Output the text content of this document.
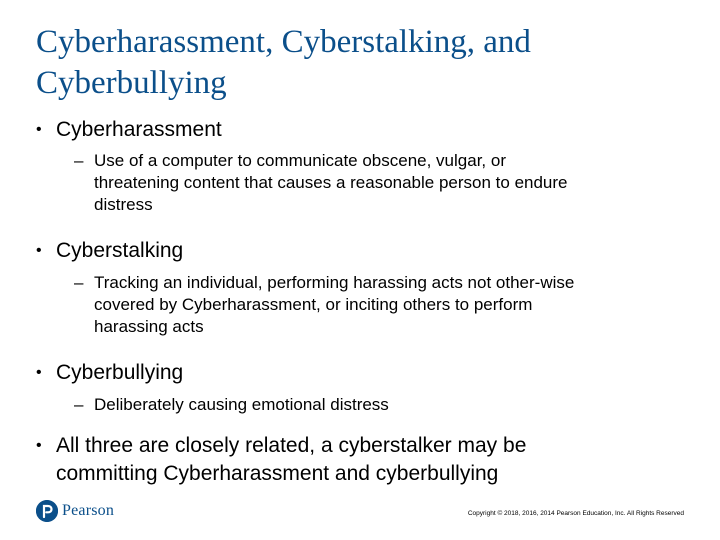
Cyberharassment, Cyberstalking, and
Cyberbullying
• Cyberharassment
– Use of a computer to communicate obscene, vulgar, or
threatening content that causes a reasonable person to endure
distress
• Cyberstalking
– Tracking an individual, performing harassing acts not other-wise
covered by Cyberharassment, or inciting others to perform
harassing acts
• Cyberbullying
– Deliberately causing emotional distress
• All three are closely related, a cyberstalker may be
committing Cyberharassment and cyberbullying
Pearson	Copyright © 2018, 2016, 2014 Pearson Education, Inc. All Rights Reserved
